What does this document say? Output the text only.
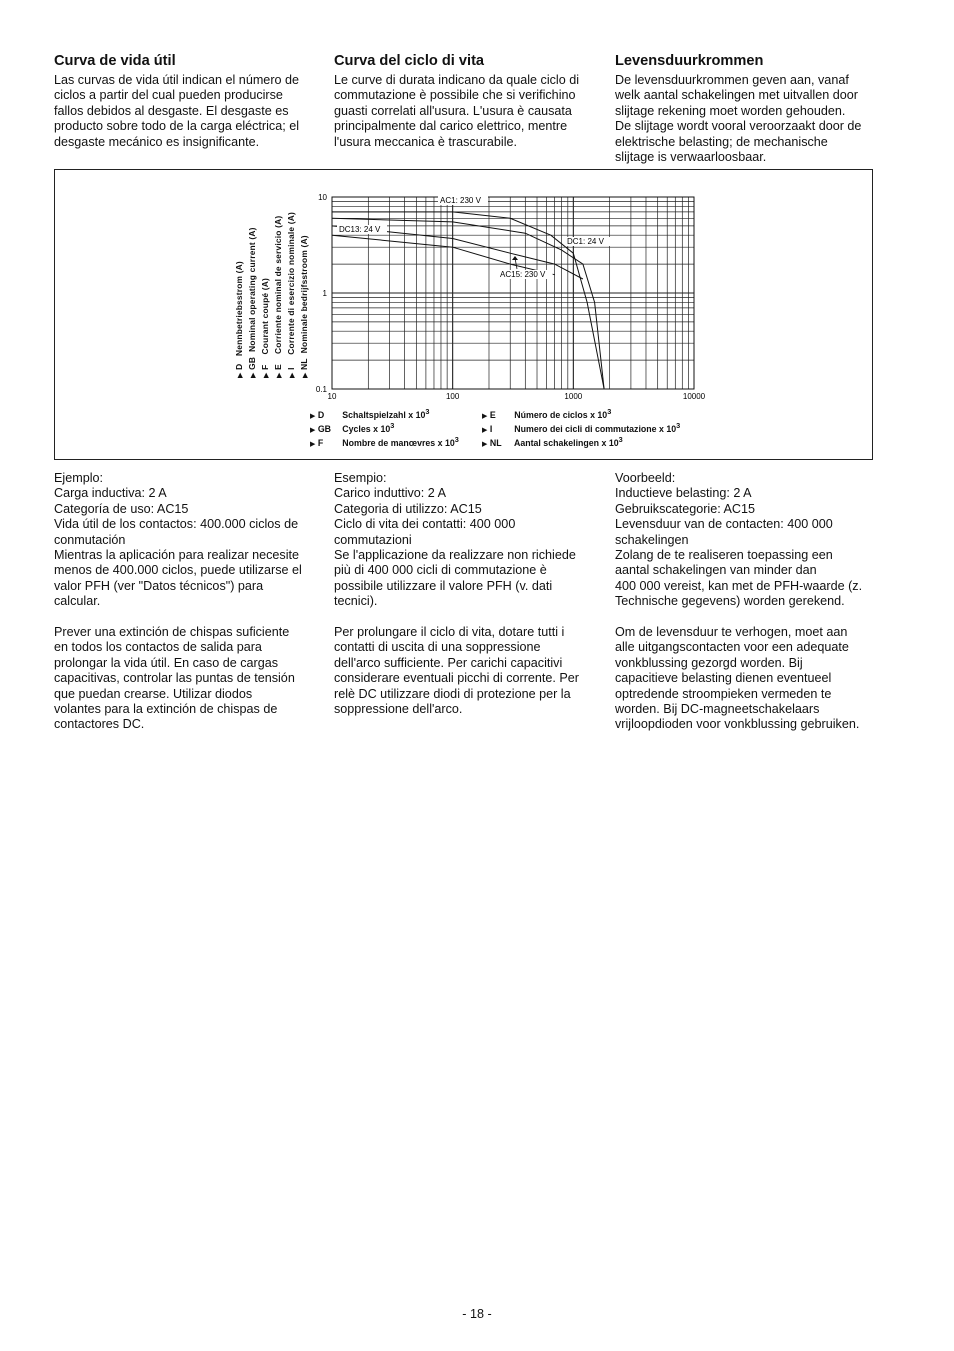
Curva de vida útil

Las curvas de vida útil indican el número de
ciclos a partir del cual pueden producirse
fallos debidos al desgaste. El desgaste es
producto sobre todo de la carga eléctrica; el
desgaste mecánico es insignificante.

Curva del ciclo di vita

Le curve di durata indicano da quale ciclo di
commutazione è possibile che si verifichino
guasti correlati all'usura. L'usura è causata
principalmente dal carico elettrico, mentre
l'usura meccanica è trascurabile.

Levensduurkrommen

De levensduurkrommen geven aan, vanaf
welk aantal schakelingen met uitvallen door
slijtage rekening moet worden gehouden.
De slijtage wordt vooral veroorzaakt door de
elektrische belasting; de mechanische
slijtage is verwaarloosbaar.

10
1
0.1
10	100	1000	10000
AC1: 230 V
DC1: 24 V
DC13: 24 V
AC15: 230 V
▶ D   Nennbetriebsstrom (A)
▶ GB  Nominal operating current (A)
▶ F    Courant coupé (A)
▶ E    Corriente nominal de servicio (A)
▶ I     Corrente di esercizio nominale (A)
▶ NL  Nominale bedrijfsstroom (A)
▶ D Schaltspielzahl x $10^3$
▶ GB Cycles x $10^3$
▶ F Nombre de manœvres x $10^3$
▶ E Número de ciclos x $10^3$
▶ I	Numero dei cicli di commutazione x $10^3$
▶ NL Aantal schakelingen x $10^3$

Ejemplo:
Carga inductiva: 2 A
Categoría de uso: AC15
Vida útil de los contactos: 400.000 ciclos de
conmutación
Mientras la aplicación para realizar necesite
menos de 400.000 ciclos, puede utilizarse el
valor PFH (ver "Datos técnicos") para
calcular.

Prever una extinción de chispas suficiente
en todos los contactos de salida para
prolongar la vida útil. En caso de cargas
capacitivas, controlar las puntas de tensión
que puedan crearse. Utilizar diodos
volantes para la extinción de chispas de
contactores DC.

Esempio:
Carico induttivo: 2 A
Categoria di utilizzo: AC15
Ciclo di vita dei contatti: 400 000
commutazioni
Se l'applicazione da realizzare non richiede
più di 400 000 cicli di commutazione è
possibile utilizzare il valore PFH (v. dati
tecnici).

Per prolungare il ciclo di vita, dotare tutti i
contatti di uscita di una soppressione
dell'arco sufficiente. Per carichi capacitivi
considerare eventuali picchi di corrente. Per
relè DC utilizzare diodi di protezione per la
soppressione dell'arco.

Voorbeeld:
Inductieve belasting: 2 A
Gebruikscategorie: AC15
Levensduur van de contacten: 400 000
schakelingen
Zolang de te realiseren toepassing een
aantal schakelingen van minder dan
400 000 vereist, kan met de PFH-waarde (z.
Technische gegevens) worden gerekend.

Om de levensduur te verhogen, moet aan
alle uitgangscontacten voor een adequate
vonkblussing gezorgd worden. Bij
capacitieve belasting dienen eventueel
optredende stroompieken vermeden te
worden. Bij DC-magneetschakelaars
vrijloopdioden voor vonkblussing gebruiken.

- 18 -
